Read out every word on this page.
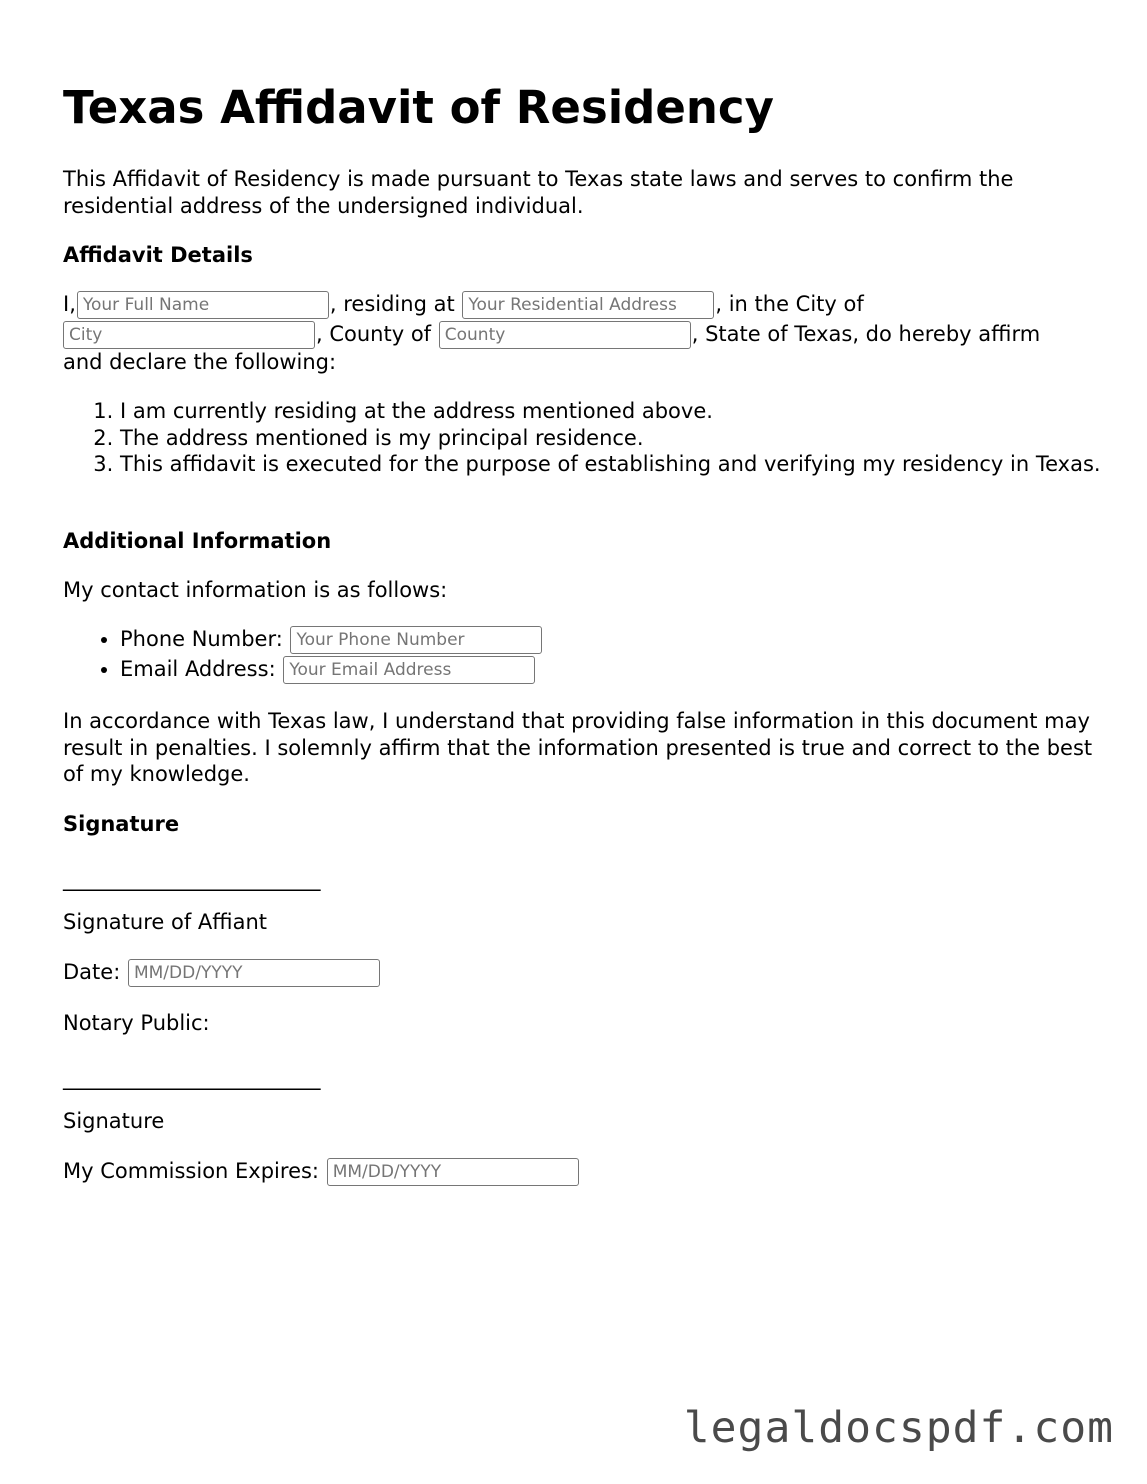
Texas Affidavit of Residency

This Affidavit of Residency is made pursuant to Texas state laws and serves to confirm the residential address of the undersigned individual.

Affidavit Details
I,Your Full Name	, residing at Your Residential Address	, in the City of
City, County of County	, State of Texas, do hereby affirm

and declare the following:

1. I am currently residing at the address mentioned above.
2. The address mentioned is my principal residence.
3. This affidavit is executed for the purpose of establishing and verifying my residency in Texas.
Additional Information

My contact information is as follows:

• Phone Number: Your Phone Number
• Email Address: Your Email Address

In accordance with Texas law, I understand that providing false information in this document may result in penalties. I solemnly affirm that the information presented is true and correct to the best of my knowledge.

Signature
___________________________

Signature of Affiant

Date: MM/DD/YYYY

Notary Public:

___________________________

Signature

My Commission Expires: MM/DD/YYYY
legaldocspdf.com
